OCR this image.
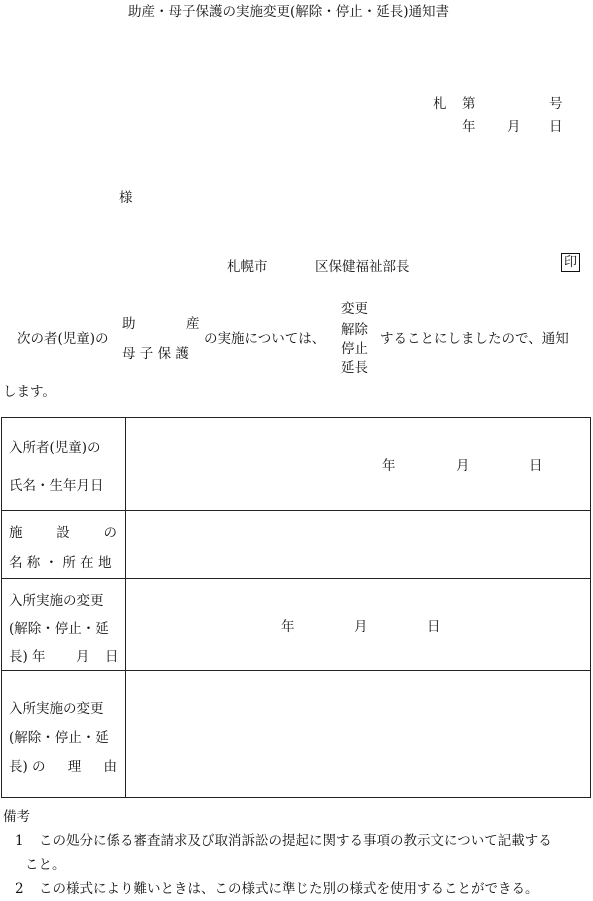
助産・母子保護の実施変更(解除・停止・延長)通知書
札 第	号
年 月 日
様
札幌市	区保健福祉部長	印
次の者(児童)の
助	産
母 子 保 護
の実施については、
変更
解除
停止
延長
することにしましたので、通知
します。
入所者(児童)の
氏名・生年月日	年 月 日

施 設 の
名 称 ・ 所 在 地	

入所実施の変更
(解除・停止・延
長) 年 月 日	年 月 日

入所実施の変更
(解除・停止・延
長) の 理 由	

備考
1 この処分に係る審査請求及び取消訴訟の提起に関する事項の教示文について記載する
こと。
2 この様式により難いときは、この様式に準じた別の様式を使用することができる。
